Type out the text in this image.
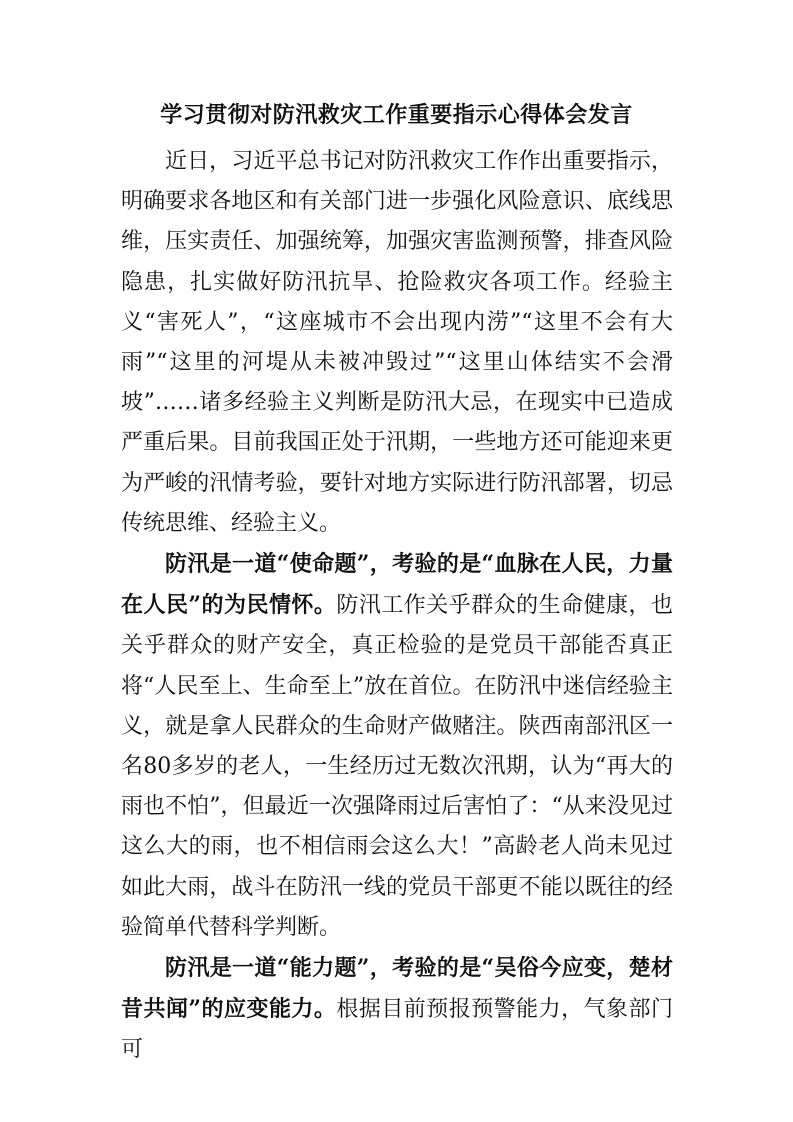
学习贯彻对防汛救灾工作重要指示心得体会发言

近日，习近平总书记对防汛救灾工作作出重要指示，明确要求各地区和有关部门进一步强化风险意识、底线思维，压实责任、加强统筹，加强灾害监测预警，排查风险隐患，扎实做好防汛抗旱、抢险救灾各项工作。经验主义“害死人”，“这座城市不会出现内涝”“这里不会有大雨”“这里的河堤从未被冲毁过”“这里山体结实不会滑坡”……诸多经验主义判断是防汛大忌，在现实中已造成严重后果。目前我国正处于汛期，一些地方还可能迎来更为严峻的汛情考验，要针对地方实际进行防汛部署，切忌传统思维、经验主义。

防汛是一道“使命题”，考验的是“血脉在人民，力量在人民”的为民情怀。防汛工作关乎群众的生命健康，也关乎群众的财产安全，真正检验的是党员干部能否真正将“人民至上、生命至上”放在首位。在防汛中迷信经验主义，就是拿人民群众的生命财产做赌注。陕西南部汛区一名80多岁的老人，一生经历过无数次汛期，认为“再大的雨也不怕”，但最近一次强降雨过后害怕了：“从来没见过这么大的雨，也不相信雨会这么大！”高龄老人尚未见过如此大雨，战斗在防汛一线的党员干部更不能以既往的经验简单代替科学判断。

防汛是一道“能力题”，考验的是“吴俗今应变，楚材昔共闻”的应变能力。根据目前预报预警能力，气象部门可
